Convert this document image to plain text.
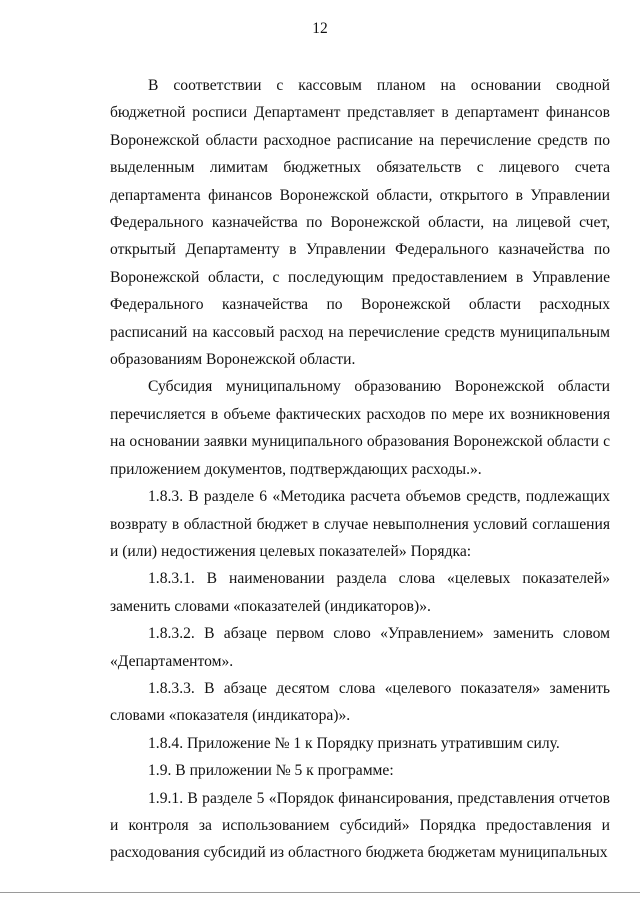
12

В соответствии с кассовым планом на основании сводной бюджетной росписи Департамент представляет в департамент финансов Воронежской области расходное расписание на перечисление средств по выделенным лимитам бюджетных обязательств с лицевого счета департамента финансов Воронежской области, открытого в Управлении Федерального казначейства по Воронежской области, на лицевой счет, открытый Департаменту в Управлении Федерального казначейства по Воронежской области, с последующим предоставлением в Управление Федерального казначейства по Воронежской области расходных расписаний на кассовый расход на перечисление средств муниципальным образованиям Воронежской области.

Субсидия муниципальному образованию Воронежской области перечисляется в объеме фактических расходов по мере их возникновения на основании заявки муниципального образования Воронежской области с приложением документов, подтверждающих расходы.».

1.8.3. В разделе 6 «Методика расчета объемов средств, подлежащих возврату в областной бюджет в случае невыполнения условий соглашения и (или) недостижения целевых показателей» Порядка:

1.8.3.1. В наименовании раздела слова «целевых показателей» заменить словами «показателей (индикаторов)».

1.8.3.2. В абзаце первом слово «Управлением» заменить словом «Департаментом».

1.8.3.3. В абзаце десятом слова «целевого показателя» заменить словами «показателя (индикатора)».

1.8.4. Приложение № 1 к Порядку признать утратившим силу.

1.9. В приложении № 5 к программе:

1.9.1. В разделе 5 «Порядок финансирования, представления отчетов и контроля за использованием субсидий» Порядка предоставления и расходования субсидий из областного бюджета бюджетам муниципальных
